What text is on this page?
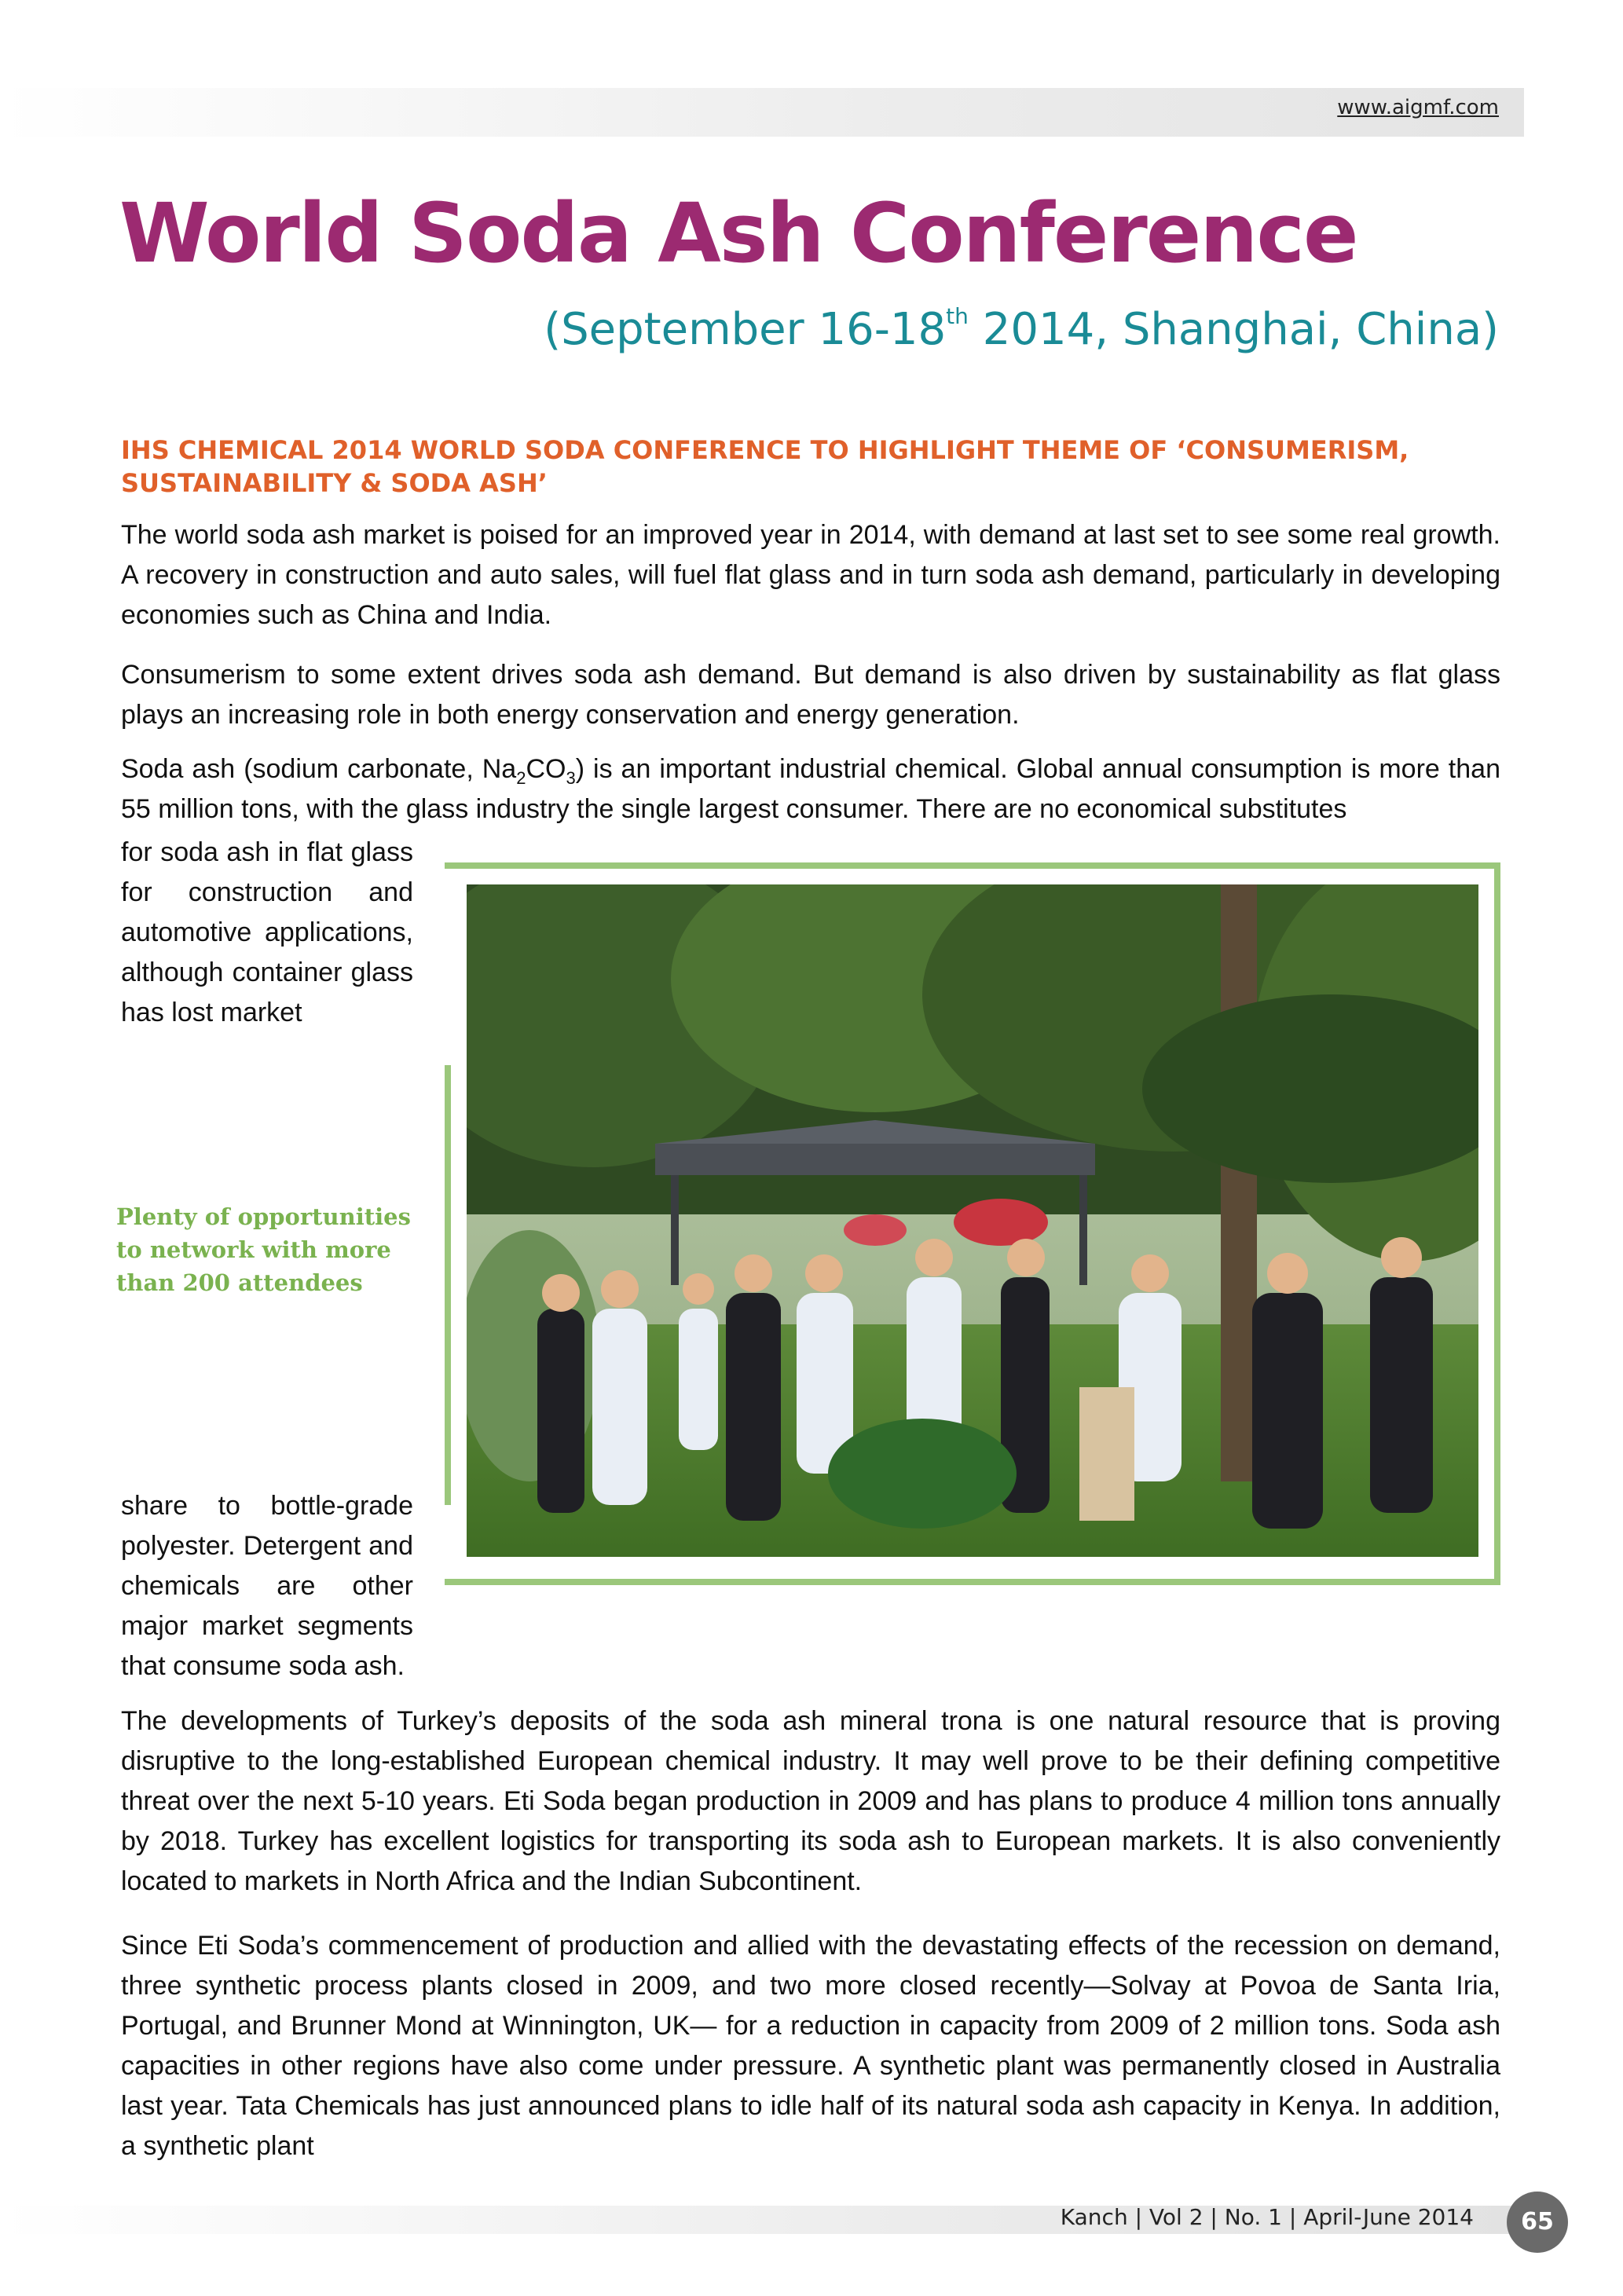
www.aigmf.com
World Soda Ash Conference
(September 16-18th 2014, Shanghai, China)
IHS CHEMICAL 2014 WORLD SODA CONFERENCE TO HIGHLIGHT THEME OF ‘CONSUMERISM, SUSTAINABILITY & SODA ASH’

The world soda ash market is poised for an improved year in 2014, with demand at last set to see some real growth. A recovery in construction and auto sales, will fuel flat glass and in turn soda ash demand, particularly in developing economies such as China and India.

Consumerism to some extent drives soda ash demand. But demand is also driven by sustainability as flat glass plays an increasing role in both energy conservation and energy generation.

Soda ash (sodium carbonate, $Na_2CO_3$) is an important industrial chemical. Global annual consumption is more than 55 million tons, with the glass industry the single largest consumer. There are no economical substitutes

for soda ash in flat glass for construction and automotive applications, although container glass has lost market

Plenty of opportunities to network with more than 200 attendees

share to bottle-grade polyester. Detergent and chemicals are other major market segments that consume soda ash.

The developments of Turkey’s deposits of the soda ash mineral trona is one natural resource that is proving disruptive to the long-established European chemical industry. It may well prove to be their defining competitive threat over the next 5-10 years. Eti Soda began production in 2009 and has plans to produce 4 million tons annually by 2018. Turkey has excellent logistics for transporting its soda ash to European markets. It is also conveniently located to markets in North Africa and the Indian Subcontinent.

Since Eti Soda’s commencement of production and allied with the devastating effects of the recession on demand, three synthetic process plants closed in 2009, and two more closed recently—Solvay at Povoa de Santa Iria, Portugal, and Brunner Mond at Winnington, UK— for a reduction in capacity from 2009 of 2 million tons. Soda ash capacities in other regions have also come under pressure. A synthetic plant was permanently closed in Australia last year. Tata Chemicals has just announced plans to idle half of its natural soda ash capacity in Kenya. In addition, a synthetic plant

Kanch | Vol 2 | No. 1 | April-June 2014	65
